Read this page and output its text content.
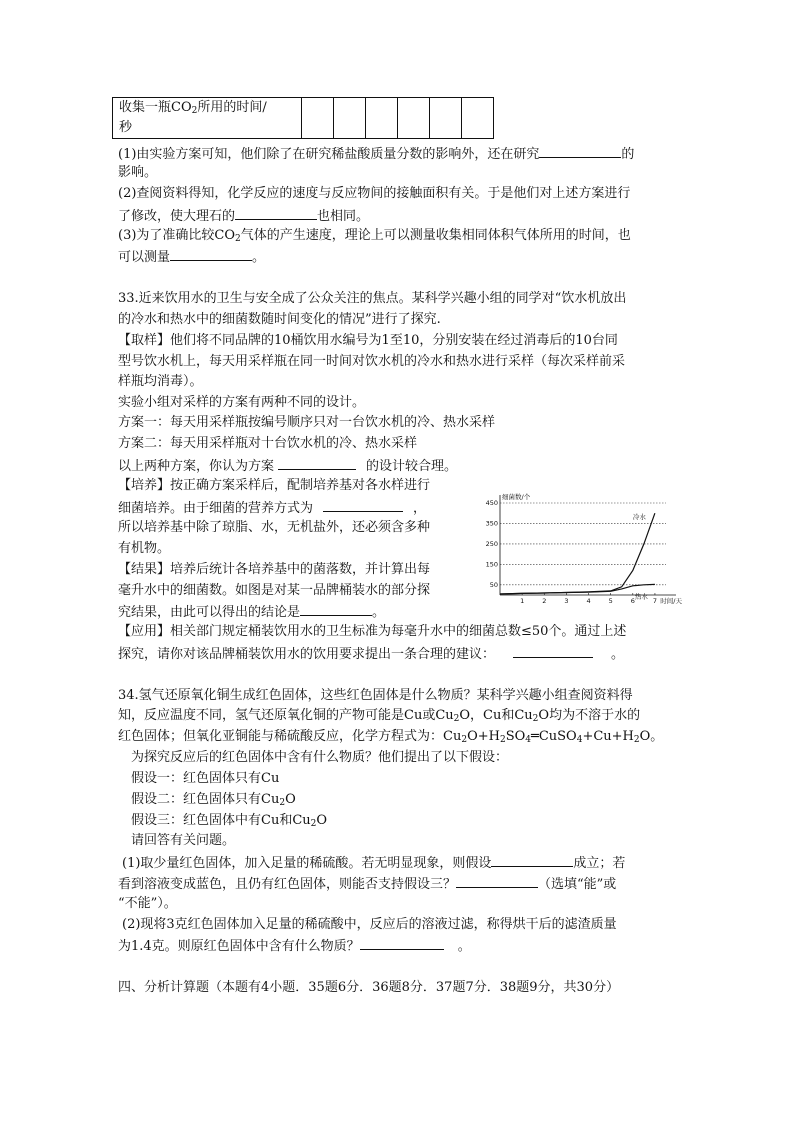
收集一瓶$CO_2$所用的时间/
秒						
(1)由实验方案可知，他们除了在研究稀盐酸质量分数的影响外，还在研究	的
影响。
(2)查阅资料得知，化学反应的速度与反应物间的接触面积有关。于是他们对上述方案进行
了修改，使大理石的	也相同。
(3)为了准确比较$CO_2$气体的产生速度，理论上可以测量收集相同体积气体所用的时间，也
可以测量	。
33.近来饮用水的卫生与安全成了公众关注的焦点。某科学兴趣小组的同学对“饮水机放出
的冷水和热水中的细菌数随时间变化的情况”进行了探究.
【取样】他们将不同品牌的10桶饮用水编号为1至10，分别安装在经过消毒后的10台同
型号饮水机上，每天用采样瓶在同一时间对饮水机的冷水和热水进行采样（每次采样前采
样瓶均消毒）。
实验小组对采样的方案有两种不同的设计。
方案一：每天用采样瓶按编号顺序只对一台饮水机的冷、热水采样
方案二：每天用采样瓶对十台饮水机的冷、热水采样
以上两种方案，你认为方案	的设计较合理。
【培养】按正确方案采样后，配制培养基对各水样进行
细菌培养。由于细菌的营养方式为	，
所以培养基中除了琼脂、水，无机盐外，还必须含多种
有机物。
【结果】培养后统计各培养基中的菌落数，并计算出每
毫升水中的细菌数。如图是对某一品牌桶装水的部分探
究结果，由此可以得出的结论是	。
【应用】相关部门规定桶装饮用水的卫生标准为每毫升水中的细菌总数≤50个。通过上述
探究，请你对该品牌桶装饮用水的饮用要求提出一条合理的建议：	。
50
150
250
350
450
1	2	3	4	5	6	7
细菌数/个
时间/天
冷水
热水
34.氢气还原氧化铜生成红色固体，这些红色固体是什么物质？某科学兴趣小组查阅资料得
知，反应温度不同，氢气还原氧化铜的产物可能是Cu或$Cu_2O$，Cu和$Cu_2O$均为不溶于水的
红色固体；但氧化亚铜能与稀硫酸反应，化学方程式为：$Cu_2O+H_2SO_4═CuSO_4+Cu+H_2O$。
为探究反应后的红色固体中含有什么物质？他们提出了以下假设：
假设一：红色固体只有Cu
假设二：红色固体只有$Cu_2O$
假设三：红色固体中有Cu和$Cu_2O$
请回答有关问题。
(1)取少量红色固体，加入足量的稀硫酸。若无明显现象，则假设	成立；若
看到溶液变成蓝色，且仍有红色固体，则能否支持假设三？	（选填“能”或
“不能”）。
(2)现将3克红色固体加入足量的稀硫酸中，反应后的溶液过滤，称得烘干后的滤渣质量
为1.4克。则原红色固体中含有什么物质？	。
四、分析计算题（本题有4小题．35题6分．36题8分．37题7分．38题9分，共30分）
